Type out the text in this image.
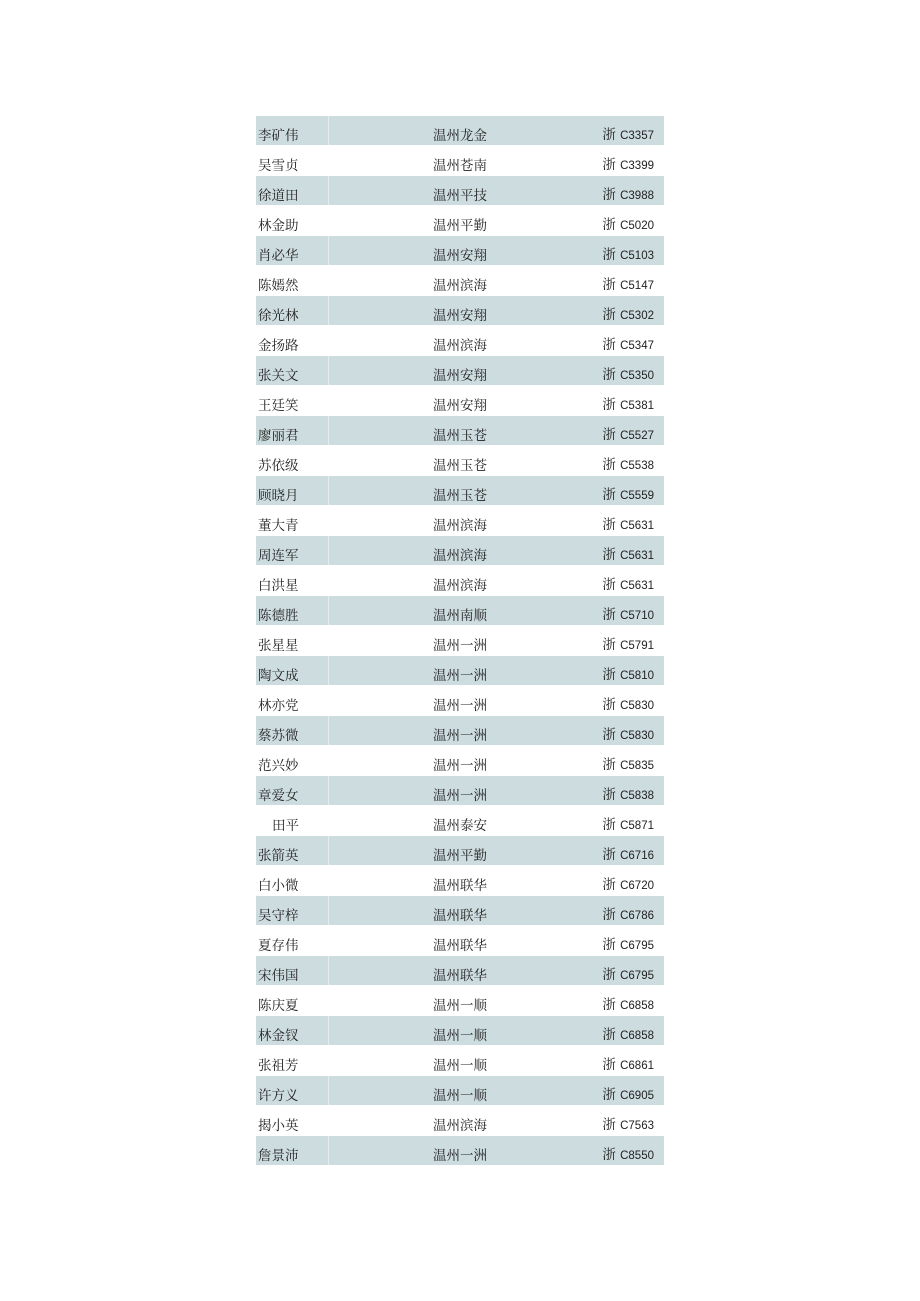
李矿伟	温州龙金	浙 C3357
吴雪贞	温州苍南	浙 C3399
徐道田	温州平技	浙 C3988
林金助	温州平勤	浙 C5020
肖必华	温州安翔	浙 C5103
陈嫣然	温州滨海	浙 C5147
徐光林	温州安翔	浙 C5302
金扬路	温州滨海	浙 C5347
张关文	温州安翔	浙 C5350
王廷笑	温州安翔	浙 C5381
廖丽君	温州玉苍	浙 C5527
苏依级	温州玉苍	浙 C5538
顾晓月	温州玉苍	浙 C5559
董大青	温州滨海	浙 C5631
周连军	温州滨海	浙 C5631
白洪星	温州滨海	浙 C5631
陈德胜	温州南顺	浙 C5710
张星星	温州一洲	浙 C5791
陶文成	温州一洲	浙 C5810
林亦党	温州一洲	浙 C5830
蔡苏微	温州一洲	浙 C5830
范兴妙	温州一洲	浙 C5835
章爱女	温州一洲	浙 C5838
田平	温州泰安	浙 C5871
张箭英	温州平勤	浙 C6716
白小微	温州联华	浙 C6720
吴守梓	温州联华	浙 C6786
夏存伟	温州联华	浙 C6795
宋伟国	温州联华	浙 C6795
陈庆夏	温州一顺	浙 C6858
林金钗	温州一顺	浙 C6858
张祖芳	温州一顺	浙 C6861
许方义	温州一顺	浙 C6905
揭小英	温州滨海	浙 C7563
詹景沛	温州一洲	浙 C8550
